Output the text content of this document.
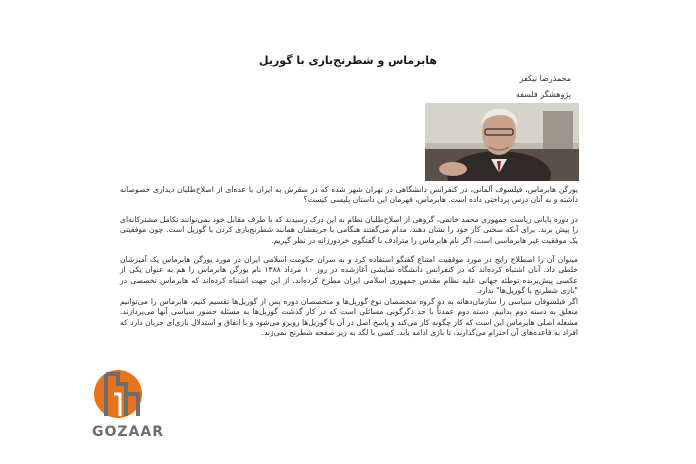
هابرماس و شطرنج‌بازی با گوریل
محمدرضا نیکفر
پژوهشگر فلسفه
یورگن هابرماس، فیلسوف آلمانی، در کنفرانس دانشگاهی در تهران شهر شده که در سفرش به ایران با عده‌ای از اصلاح‌طلبان دیداری خصوصانه داشته و به آنان درس پرداختی داده است. هابرماس، قهرمان این داستان پلیسی کیست؟
در دوره پایانی ریاست جمهوری محمد خاتمی، گروهی از اصلاح‌طلبان نظام به این درک رسیدند که با طرف مقابل خود نمی‌توانند تکامل مشترکانه‌ای را پیش برند. برای آنکه سخنی کار خود را نشان دهند، مدام می‌گفتند هنگامی با حریفشان همانند شطرنج‌بازی کردن با گوریل است. چون موفقیتی یک موفقیت غیر هابرماسی است، اگر نام هابرماس را مترادف با گفتگوی خردورزانه در نظر گیریم.
میتوان آن را اصطلاح رایج در مورد موفقیت امتناع گفتگو استفاده کرد و به سران حکومت اسلامی ایران در مورد یورگن هابرماس یک آمیزشان خلطی داد. آنان اشتباه کرده‌اند که در کنفرانس دانشگاه نمایشی آغازشده در روز ۱۰ مرداد ۱۳۸۸ نام یورگن هابرماس را هم به عنوان یکی از عکسی پیش‌برنده توطئه جهانی علیه نظام مقدس جمهوری اسلامی ایران مطرح کرده‌اند. از این جهت اشتباه کرده‌اند که هابرماس تخصصی در "بازی شطرنج با گوریل‌ها" ندارد.
اگر فیلسوفان سیاسی را سازمان‌دهانه به دو گروه متخصصان نوع گوریل‌ها و متخصصان دوره پس از گوریل‌ها تقسیم کنیم، هابرماس را می‌توانیم متعلق به دسته دوم بدانیم. دسته دوم عمدتاً با حد دگرگونی مسائلی است که در کار گذشت گوریل‌ها به مسئله حضور سیاسی آنها می‌پردازند. مشغله اصلی هابرماس این است که کار چگونه کار می‌کند و پاسخ اصل در آن با گوریل‌ها روبرو می‌شود و با اتفاق و استدلال بازی‌ای جریان دارد که افراد به قاعده‌های آن احترام می‌گذارند، تا بازی ادامه یابد. کسی با لگد به زیر صفحه شطرنج نمی‌زند.
GOZAAR
